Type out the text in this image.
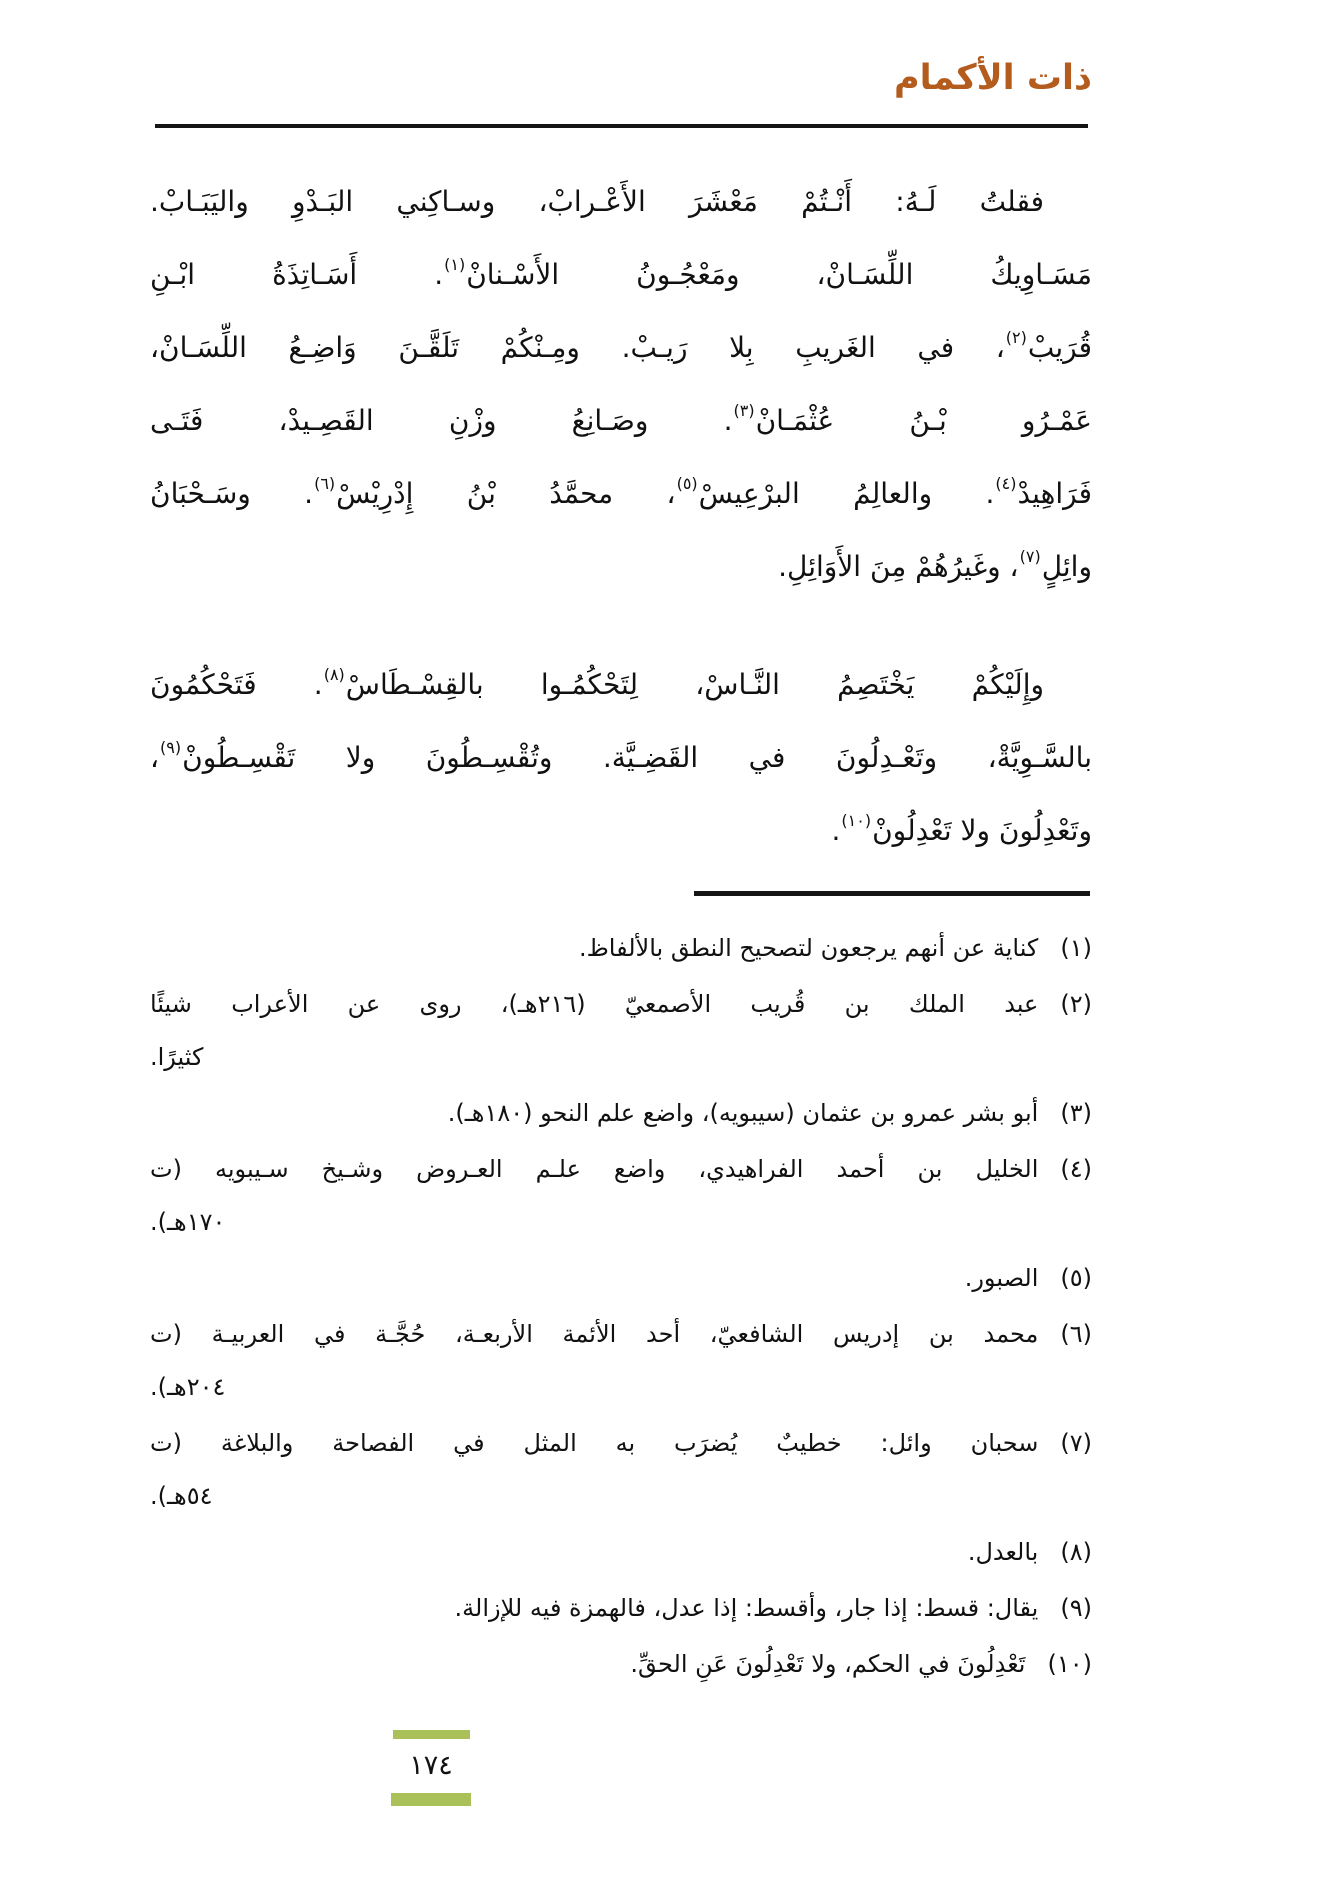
ذات الأكمام
فقلتُ لَـهُ: أَنْـتُمْ مَعْشَرَ الأَعْـرابْ، وسـاكِني البَـدْوِ واليَبَـابْ.
مَسَـاوِيكُ اللِّسَـانْ، ومَعْجُـونُ الأَسْـنانْ(١). أَسَـاتِذَةُ ابْـنِ
قُرَيبْ(٢)، في الغَريبِ بِلا رَيـبْ. ومِـنْكُمْ تَلَقَّـنَ وَاضِـعُ اللِّسَـانْ،
عَمْـرُو بْـنُ عُثْمَـانْ(٣). وصَـانِعُ وزْنِ القَصِـيدْ، فَتَـى
فَرَاهِيدْ(٤). والعالِمُ البرْعِيسْ(٥)، محمَّدُ بْنُ إِدْرِيْسْ(٦). وسَـحْبَانُ
وائِلٍ(٧)، وغَيرُهُمْ مِنَ الأَوَائِلِ.
وإِلَيْكُمْ يَخْتَصِمُ النَّـاسْ، لِتَحْكُمُـوا بالقِسْـطَاسْ(٨). فَتَحْكُمُونَ
بالسَّـوِيَّةْ، وتَعْـدِلُونَ في القَضِـيَّة. وتُقْسِـطُونَ ولا تَقْسِـطُونْ(٩)،
وتَعْدِلُونَ ولا تَعْدِلُونْ(١٠).
(١)كناية عن أنهم يرجعون لتصحيح النطق بالألفاظ.
(٢)عبد الملك بن قُريب الأصمعيّ (٢١٦هـ)، روى عن الأعراب شيئًا
كثيرًا.
(٣)أبو بشر عمرو بن عثمان (سيبويه)، واضع علم النحو (١٨٠هـ).
(٤)الخليل بن أحمد الفراهيدي، واضع علـم العـروض وشـيخ سـيبويه (ت
١٧٠هـ).
(٥)الصبور.
(٦)محمد بن إدريس الشافعيّ، أحد الأئمة الأربعـة، حُجَّـة في العربيـة (ت
٢٠٤هـ).
(٧)سحبان وائل: خطيبٌ يُضرَب به المثل في الفصاحة والبلاغة (ت
٥٤هـ).
(٨)بالعدل.
(٩)يقال: قسط: إذا جار، وأقسط: إذا عدل، فالهمزة فيه للإزالة.
(١٠)تَعْدِلُونَ في الحكم، ولا تَعْدِلُونَ عَنِ الحقِّ.
١٧٤
